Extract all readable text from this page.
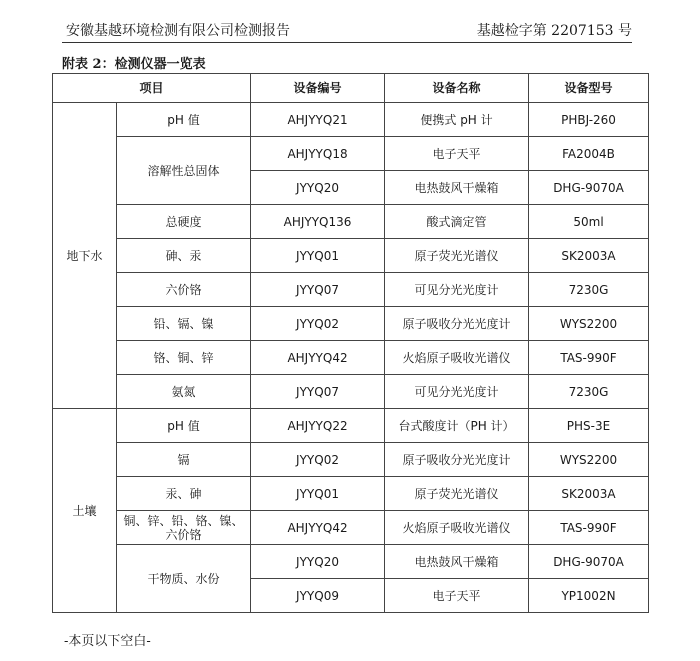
安徽基越环境检测有限公司检测报告	基越检字第 2207153 号
附表 2：检测仪器一览表
项目		设备编号	设备名称	设备型号
地下水	pH 值	AHJYYQ21	便携式 pH 计	PHBJ-260
	溶解性总固体	AHJYYQ18	电子天平	FA2004B
		JYYQ20	电热鼓风干燥箱	DHG-9070A
	总硬度	AHJYYQ136	酸式滴定管	50ml
	砷、汞	JYYQ01	原子荧光光谱仪	SK2003A
	六价铬	JYYQ07	可见分光光度计	7230G
	铅、镉、镍	JYYQ02	原子吸收分光光度计	WYS2200
	铬、铜、锌	AHJYYQ42	火焰原子吸收光谱仪	TAS-990F
	氨氮	JYYQ07	可见分光光度计	7230G
土壤	pH 值	AHJYYQ22	台式酸度计（PH 计）	PHS-3E
	镉	JYYQ02	原子吸收分光光度计	WYS2200
	汞、砷	JYYQ01	原子荧光光谱仪	SK2003A
	铜、锌、铅、铬、镍、六价铬	AHJYYQ42	火焰原子吸收光谱仪	TAS-990F
	干物质、水份	JYYQ20	电热鼓风干燥箱	DHG-9070A
		JYYQ09	电子天平	YP1002N
-本页以下空白-
